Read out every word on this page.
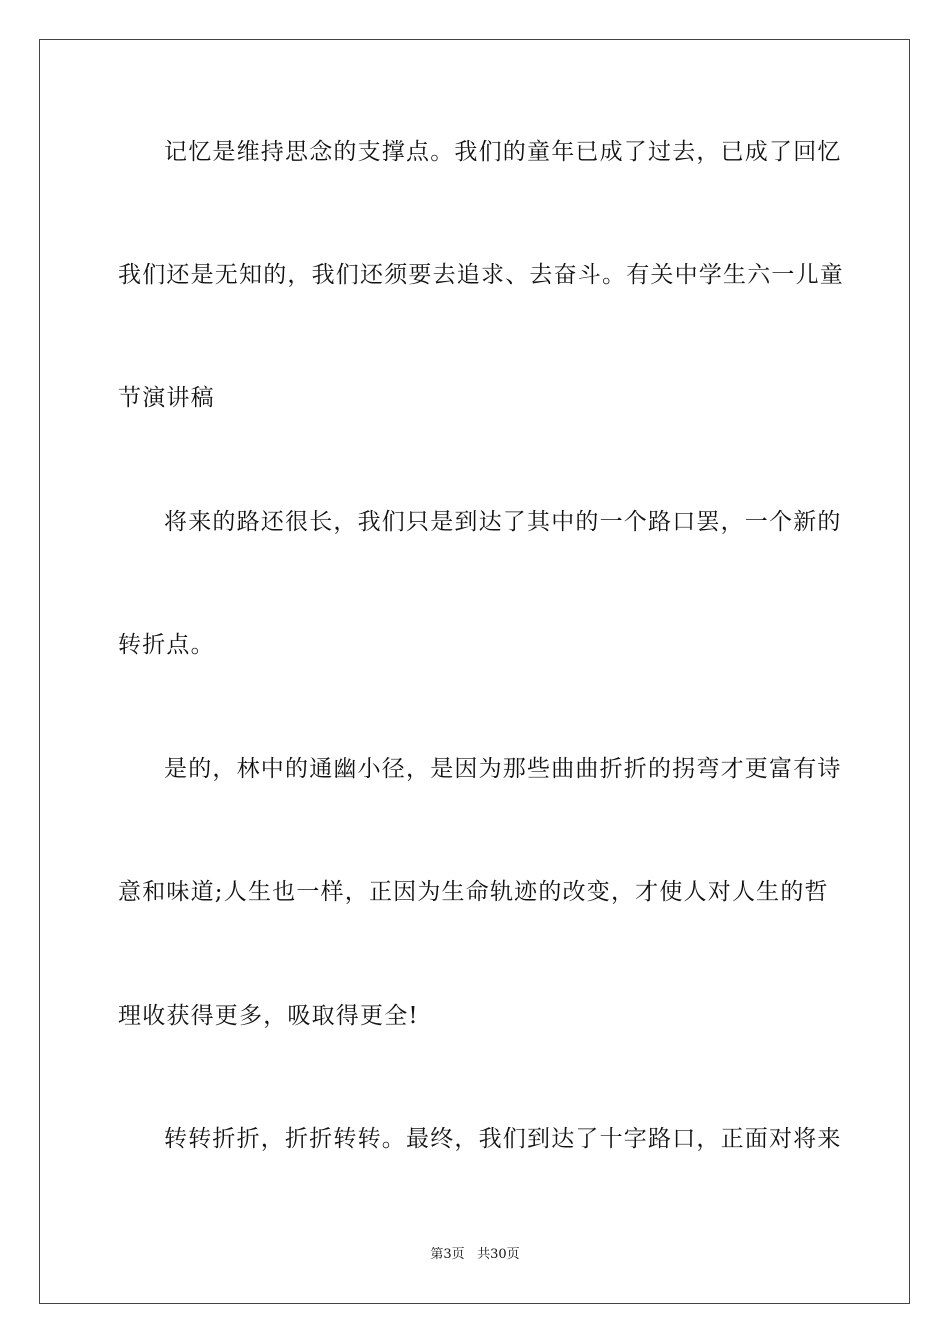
记忆是维持思念的支撑点。我们的童年已成了过去，已成了回忆
我们还是无知的，我们还须要去追求、去奋斗。有关中学生六一儿童
节演讲稿
将来的路还很长，我们只是到达了其中的一个路口罢，一个新的
转折点。
是的，林中的通幽小径，是因为那些曲曲折折的拐弯才更富有诗
意和味道;人生也一样，正因为生命轨迹的改变，才使人对人生的哲
理收获得更多，吸取得更全!
转转折折，折折转转。最终，我们到达了十字路口，正面对将来
第3页 共30页
